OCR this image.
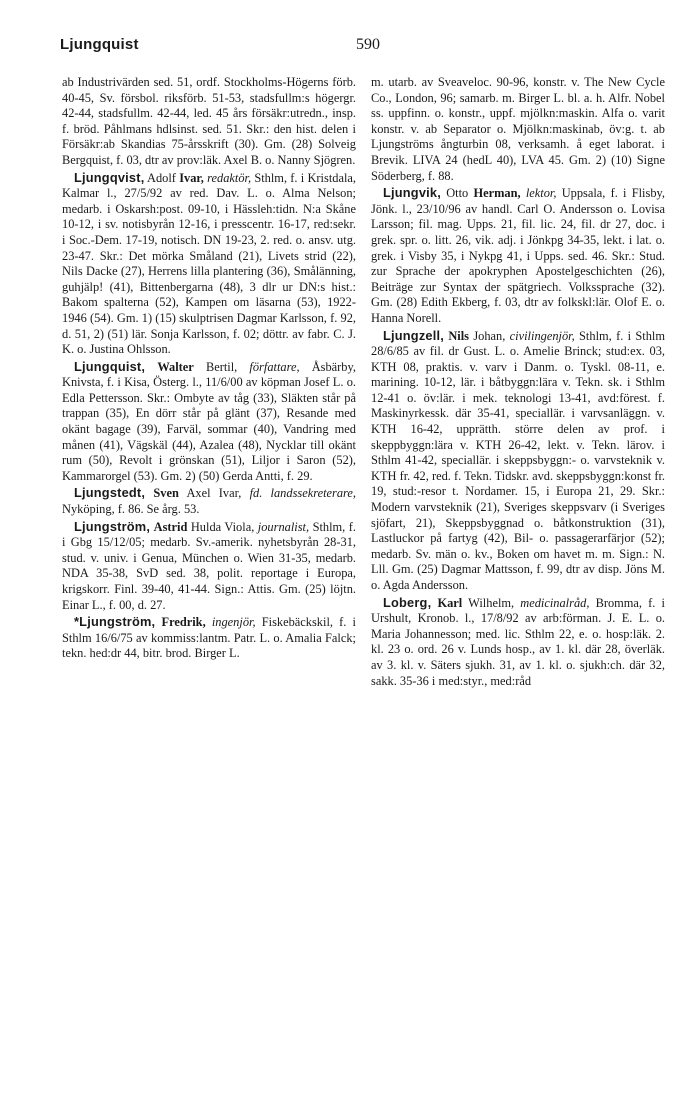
Ljungquist	590

ab Industrivärden sed. 51, ordf. Stockholms-Högerns förb. 40-45, Sv. försbol. riksförb. 51-53, stadsfullm:s högergr. 42-44, stadsfullm. 42-44, led. 45 års försäkr:utredn., insp. f. bröd. Påhlmans hdlsinst. sed. 51. Skr.: den hist. delen i Försäkr:ab Skandias 75-årsskrift (30). Gm. (28) Solveig Bergquist, f. 03, dtr av prov:läk. Axel B. o. Nanny Sjögren.

Ljungqvist, Adolf Ivar, redaktör, Sthlm, f. i Kristdala, Kalmar l., 27/5/92 av red. Dav. L. o. Alma Nelson; medarb. i Oskarsh:post. 09-10, i Hässleh:tidn. N:a Skåne 10-12, i sv. notisbyrån 12-16, i presscentr. 16-17, red:sekr. i Soc.-Dem. 17-19, notisch. DN 19-23, 2. red. o. ansv. utg. 23-47. Skr.: Det mörka Småland (21), Livets strid (22), Nils Dacke (27), Herrens lilla plantering (36), Smålänning, guhjälp! (41), Bittenbergarna (48), 3 dlr ur DN:s hist.: Bakom spalterna (52), Kampen om läsarna (53), 1922-1946 (54). Gm. 1) (15) skulptrisen Dagmar Karlsson, f. 92, d. 51, 2) (51) lär. Sonja Karlsson, f. 02; döttr. av fabr. C. J. K. o. Justina Ohlsson.

Ljungquist, Walter Bertil, författare, Åsbärby, Knivsta, f. i Kisa, Österg. l., 11/6/00 av köpman Josef L. o. Edla Pettersson. Skr.: Ombyte av tåg (33), Släkten står på trappan (35), En dörr står på glänt (37), Resande med okänt bagage (39), Farväl, sommar (40), Vandring med månen (41), Vägskäl (44), Azalea (48), Nycklar till okänt rum (50), Revolt i grönskan (51), Liljor i Saron (52), Kammarorgel (53). Gm. 2) (50) Gerda Antti, f. 29.

Ljungstedt, Sven Axel Ivar, fd. landssekreterare, Nyköping, f. 86. Se årg. 53.

Ljungström, Astrid Hulda Viola, journalist, Sthlm, f. i Gbg 15/12/05; medarb. Sv.-amerik. nyhetsbyrån 28-31, stud. v. univ. i Genua, München o. Wien 31-35, medarb. NDA 35-38, SvD sed. 38, polit. reportage i Europa, krigskorr. Finl. 39-40, 41-44. Sign.: Attis. Gm. (25) löjtn. Einar L., f. 00, d. 27.

*Ljungström, Fredrik, ingenjör, Fiskebäckskil, f. i Sthlm 16/6/75 av kommiss:lantm. Patr. L. o. Amalia Falck; tekn. hed:dr 44, bitr. brod. Birger L.

m. utarb. av Sveaveloc. 90-96, konstr. v. The New Cycle Co., London, 96; samarb. m. Birger L. bl. a. h. Alfr. Nobel ss. uppfinn. o. konstr., uppf. mjölkn:maskin. Alfa o. varit konstr. v. ab Separator o. Mjölkn:maskinab, öv:g. t. ab Ljungströms ångturbin 08, verksamh. å eget laborat. i Brevik. LIVA 24 (hedL 40), LVA 45. Gm. 2) (10) Signe Söderberg, f. 88.

Ljungvik, Otto Herman, lektor, Uppsala, f. i Flisby, Jönk. l., 23/10/96 av handl. Carl O. Andersson o. Lovisa Larsson; fil. mag. Upps. 21, fil. lic. 24, fil. dr 27, doc. i grek. spr. o. litt. 26, vik. adj. i Jönkpg 34-35, lekt. i lat. o. grek. i Visby 35, i Nykpg 41, i Upps. sed. 46. Skr.: Stud. zur Sprache der apokryphen Apostelgeschichten (26), Beiträge zur Syntax der spätgriech. Volkssprache (32). Gm. (28) Edith Ekberg, f. 03, dtr av folkskl:lär. Olof E. o. Hanna Norell.

Ljungzell, Nils Johan, civilingenjör, Sthlm, f. i Sthlm 28/6/85 av fil. dr Gust. L. o. Amelie Brinck; stud:ex. 03, KTH 08, praktis. v. varv i Danm. o. Tyskl. 08-11, e. marining. 10-12, lär. i båtbyggn:lära v. Tekn. sk. i Sthlm 12-41 o. öv:lär. i mek. teknologi 13-41, avd:förest. f. Maskinyrkessk. där 35-41, speciallär. i varvsanläggn. v. KTH 16-42, upprätth. större delen av prof. i skeppbyggn:lära v. KTH 26-42, lekt. v. Tekn. lärov. i Sthlm 41-42, speciallär. i skeppsbyggn:- o. varvsteknik v. KTH fr. 42, red. f. Tekn. Tidskr. avd. skeppsbyggn:konst fr. 19, stud:-resor t. Nordamer. 15, i Europa 21, 29. Skr.: Modern varvsteknik (21), Sveriges skeppsvarv (i Sveriges sjöfart, 21), Skeppsbyggnad o. båtkonstruktion (31), Lastluckor på fartyg (42), Bil- o. passagerarfärjor (52); medarb. Sv. män o. kv., Boken om havet m. m. Sign.: N. Lll. Gm. (25) Dagmar Mattsson, f. 99, dtr av disp. Jöns M. o. Agda Andersson.

Loberg, Karl Wilhelm, medicinalråd, Bromma, f. i Urshult, Kronob. l., 17/8/92 av arb:förman. J. E. L. o. Maria Johannesson; med. lic. Sthlm 22, e. o. hosp:läk. 2. kl. 23 o. ord. 26 v. Lunds hosp., av 1. kl. där 28, överläk. av 3. kl. v. Säters sjukh. 31, av 1. kl. o. sjukh:ch. där 32, sakk. 35-36 i med:styr., med:råd
